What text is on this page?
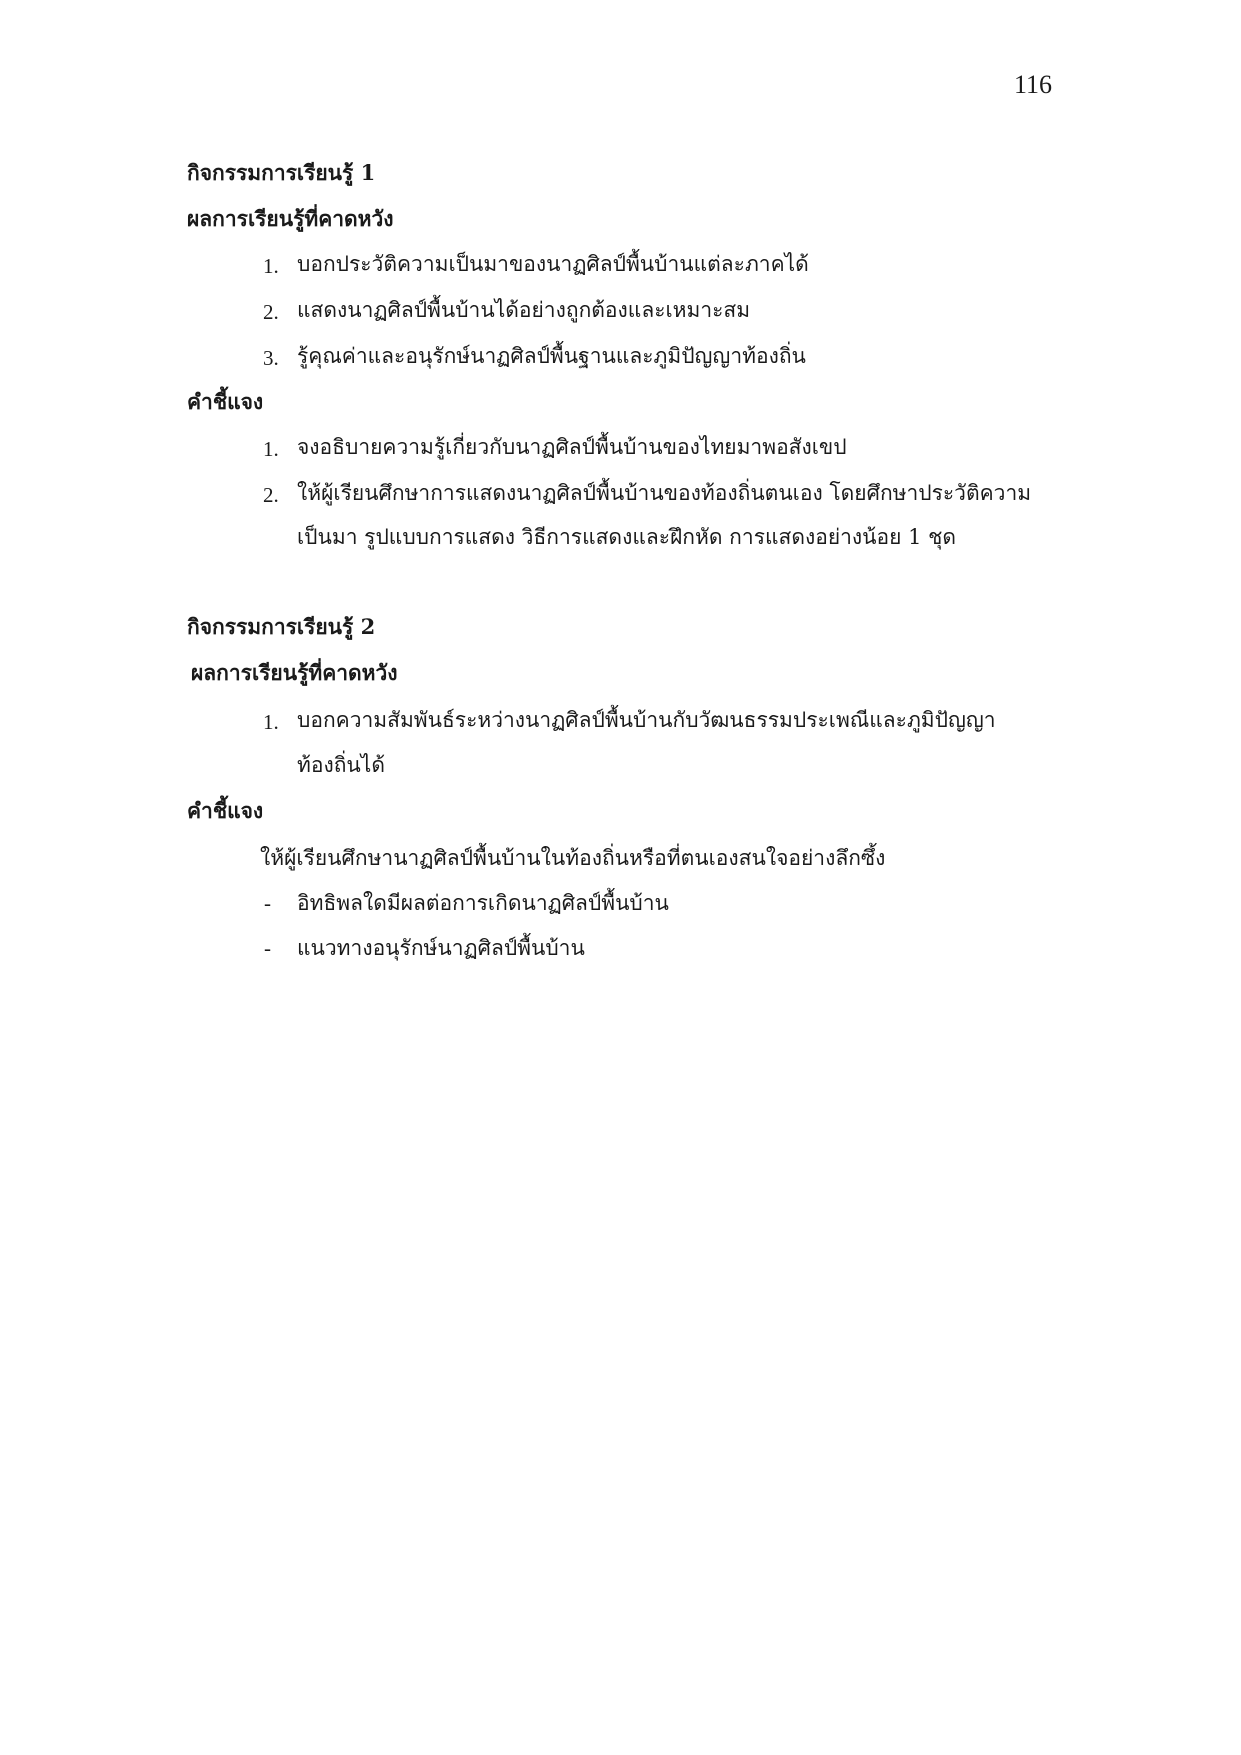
116
กิจกรรมการเรียนรู้ 1
ผลการเรียนรู้ที่คาดหวัง
1. บอกประวัติความเป็นมาของนาฏศิลป์พื้นบ้านแต่ละภาคได้
2. แสดงนาฏศิลป์พื้นบ้านได้อย่างถูกต้องและเหมาะสม
3. รู้คุณค่าและอนุรักษ์นาฏศิลป์พื้นฐานและภูมิปัญญาท้องถิ่น
คำชี้แจง
1. จงอธิบายความรู้เกี่ยวกับนาฏศิลป์พื้นบ้านของไทยมาพอสังเขป
2. ให้ผู้เรียนศึกษาการแสดงนาฏศิลป์พื้นบ้านของท้องถิ่นตนเอง โดยศึกษาประวัติความ
เป็นมา รูปแบบการแสดง วิธีการแสดงและฝึกหัด การแสดงอย่างน้อย 1 ชุด
กิจกรรมการเรียนรู้ 2
ผลการเรียนรู้ที่คาดหวัง
1. บอกความสัมพันธ์ระหว่างนาฏศิลป์พื้นบ้านกับวัฒนธรรมประเพณีและภูมิปัญญา
ท้องถิ่นได้
คำชี้แจง
ให้ผู้เรียนศึกษานาฏศิลป์พื้นบ้านในท้องถิ่นหรือที่ตนเองสนใจอย่างลึกซึ้ง
- อิทธิพลใดมีผลต่อการเกิดนาฏศิลป์พื้นบ้าน
- แนวทางอนุรักษ์นาฏศิลป์พื้นบ้าน
